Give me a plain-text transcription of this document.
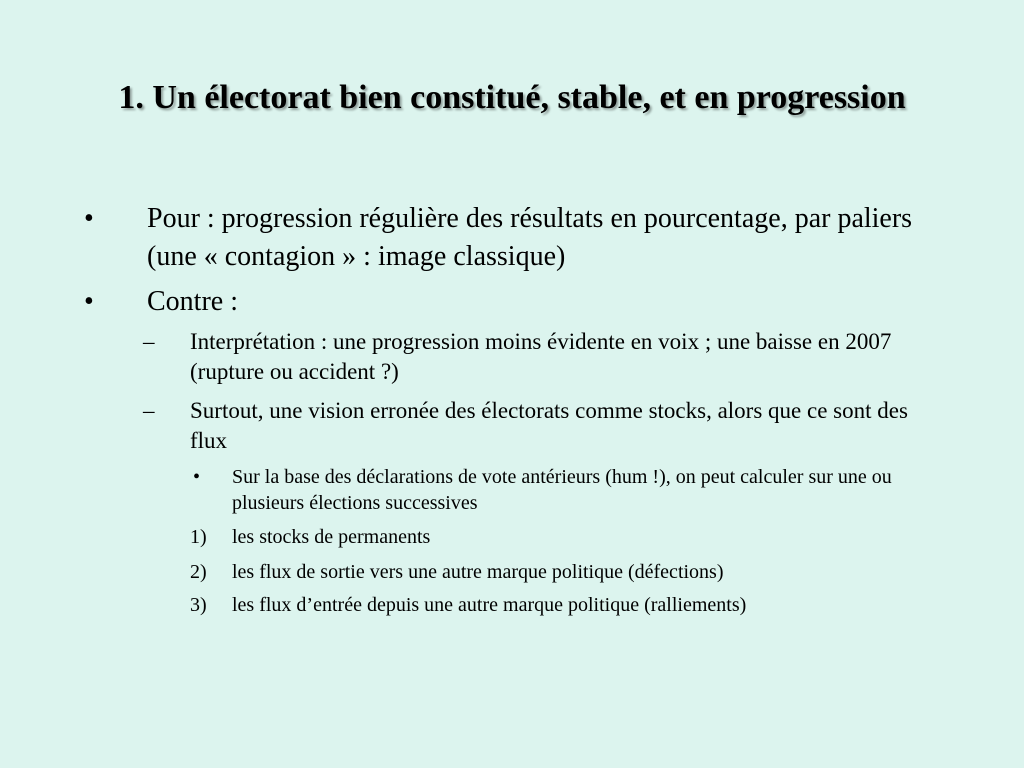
1. Un électorat bien constitué, stable, et en progression
• Pour : progression régulière des résultats en pourcentage, par paliers (une « contagion » : image classique)
• Contre :
– Interprétation : une progression moins évidente en voix ; une baisse en 2007 (rupture ou accident ?)
– Surtout, une vision erronée des électorats comme stocks, alors que ce sont des flux
• Sur la base des déclarations de vote antérieurs (hum !), on peut calculer sur une ou plusieurs élections successives
1) les stocks de permanents
2) les flux de sortie vers une autre marque politique (défections)
3) les flux d’entrée depuis une autre marque politique (ralliements)
